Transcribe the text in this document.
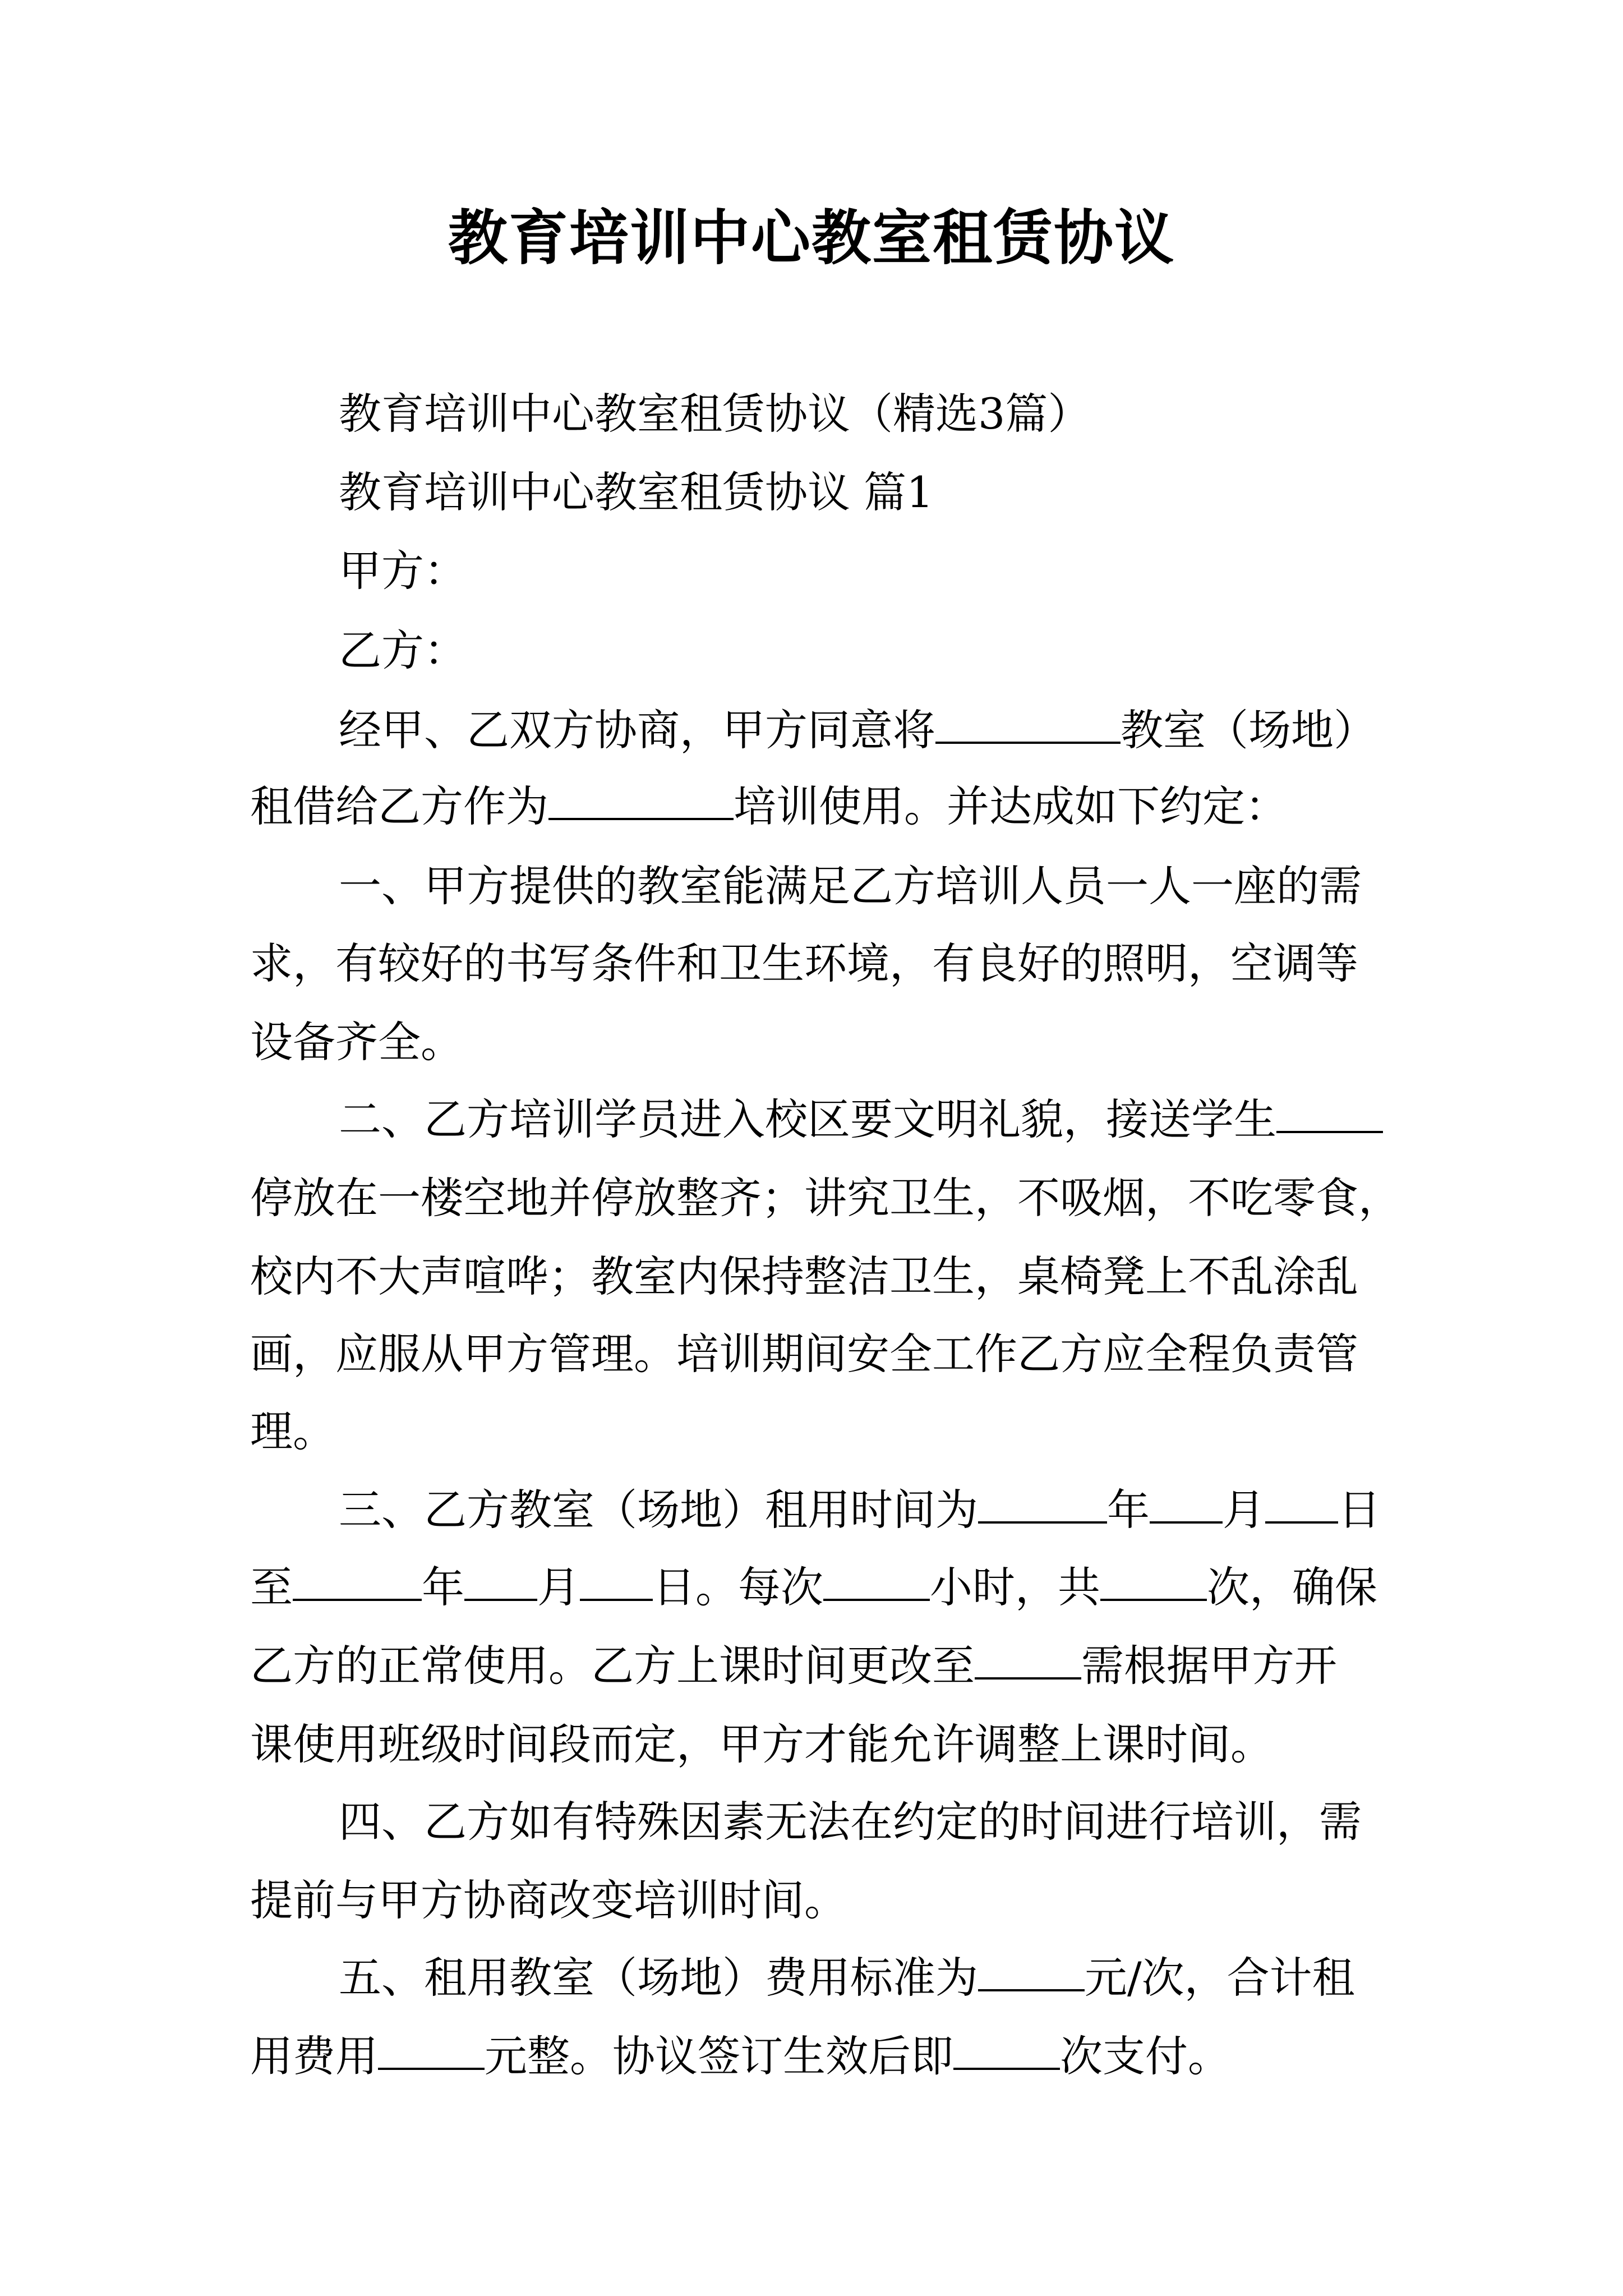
教育培训中心教室租赁协议
教育培训中心教室租赁协议（精选3篇）
教育培训中心教室租赁协议 篇1
甲方：
乙方：
经甲、乙双方协商，甲方同意将	教室（场地）
租借给乙方作为	培训使用。并达成如下约定：
一、甲方提供的教室能满足乙方培训人员一人一座的需
求，有较好的书写条件和卫生环境，有良好的照明，空调等
设备齐全。
二、乙方培训学员进入校区要文明礼貌，接送学生
停放在一楼空地并停放整齐；讲究卫生，不吸烟，不吃零食，
校内不大声喧哗；教室内保持整洁卫生，桌椅凳上不乱涂乱
画，应服从甲方管理。培训期间安全工作乙方应全程负责管
理。
三、乙方教室（场地）租用时间为	年 月 日
至	年 月 日。每次	小时，共	次，确保
乙方的正常使用。乙方上课时间更改至	需根据甲方开
课使用班级时间段而定，甲方才能允许调整上课时间。
四、乙方如有特殊因素无法在约定的时间进行培训，需
提前与甲方协商改变培训时间。
五、租用教室（场地）费用标准为	元/次，合计租
用费用	元整。协议签订生效后即	次支付。
